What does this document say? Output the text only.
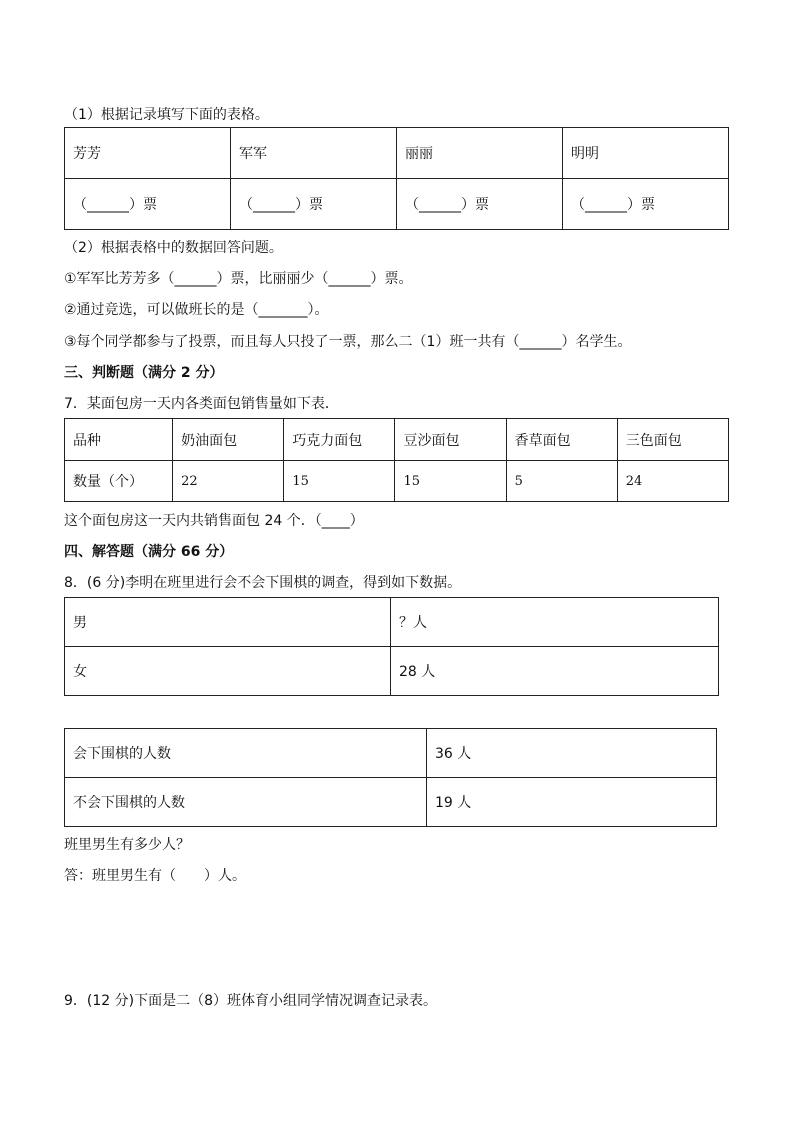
（1）根据记录填写下面的表格。
芳芳	军军	丽丽	明明
（______）票	（______）票	（______）票	（______）票
（2）根据表格中的数据回答问题。
①军军比芳芳多（______）票，比丽丽少（______）票。
②通过竞选，可以做班长的是（_______）。
③每个同学都参与了投票，而且每人只投了一票，那么二（1）班一共有（______）名学生。
三、判断题（满分 2 分）
7．某面包房一天内各类面包销售量如下表．
品种	奶油面包	巧克力面包	豆沙面包	香草面包	三色面包
数量（个）	22	15	15	5	24
这个面包房这一天内共销售面包 24 个．（____）
四、解答题（满分 66 分）
8．(6 分)李明在班里进行会不会下围棋的调查，得到如下数据。
男	？人
女	28 人
会下围棋的人数	36 人
不会下围棋的人数	19 人
班里男生有多少人？
答：班里男生有（　　）人。
9．(12 分)下面是二（8）班体育小组同学情况调查记录表。
